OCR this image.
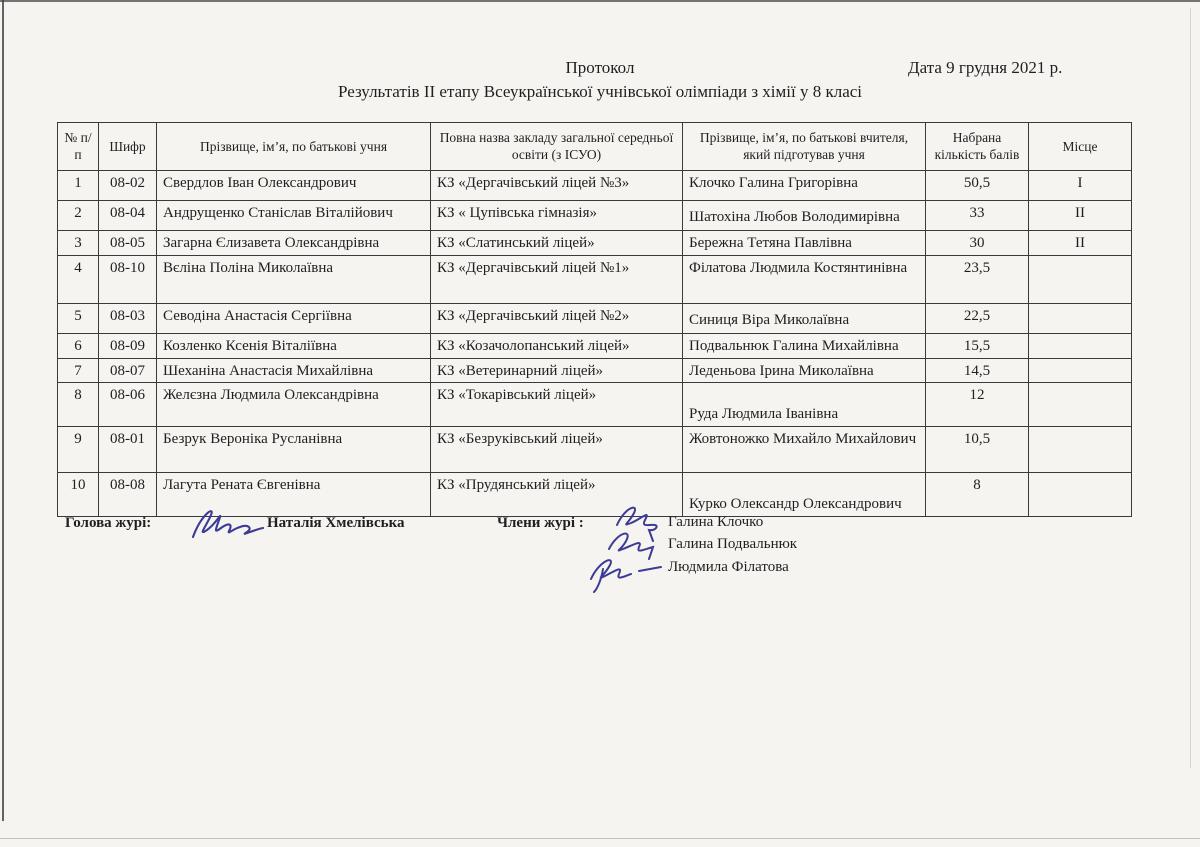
Протокол	Дата 9 грудня 2021 р.
Результатів ІІ етапу Всеукраїнської учнівської олімпіади з хімії у 8 класі
№ п/п	Шифр	Прізвище, ім’я, по батькові учня	Повна назва закладу загальної середньої освіти (з ІСУО)	Прізвище, ім’я, по батькові вчителя, який підготував учня	Набрана кількість балів	Місце
1	08-02	Свердлов Іван Олександрович	КЗ «Дергачівський ліцей №3»	Клочко Галина Григорівна	50,5	І
2	08-04	Андрущенко Станіслав Віталійович	КЗ « Цупівська гімназія»	Шатохіна Любов Володимирівна	33	ІІ
3	08-05	Загарна Єлизавета Олександрівна	КЗ «Слатинський ліцей»	Бережна Тетяна Павлівна	30	ІІ
4	08-10	Вєліна Поліна Миколаївна	КЗ «Дергачівський ліцей №1»	Філатова Людмила Костянтинівна	23,5	
5	08-03	Севодіна Анастасія Сергіївна	КЗ «Дергачівський ліцей №2»	Синиця Віра Миколаївна	22,5	
6	08-09	Козленко Ксенія Віталіївна	КЗ «Козачолопанський ліцей»	Подвальнюк Галина Михайлівна	15,5	
7	08-07	Шеханіна Анастасія Михайлівна	КЗ «Ветеринарний ліцей»	Леденьова Ірина Миколаївна	14,5	
8	08-06	Желєзна Людмила Олександрівна	КЗ «Токарівський ліцей»	Руда Людмила Іванівна	12	
9	08-01	Безрук Вероніка Русланівна	КЗ «Безруківський ліцей»	Жовтоножко Михайло Михайлович	10,5	
10	08-08	Лагута Рената Євгенівна	КЗ «Прудянський ліцей»	Курко Олександр Олександрович	8	
Голова журі:	Наталія Хмелівська	Члени журі :	Галина Клочко
Галина Подвальнюк
Людмила Філатова
